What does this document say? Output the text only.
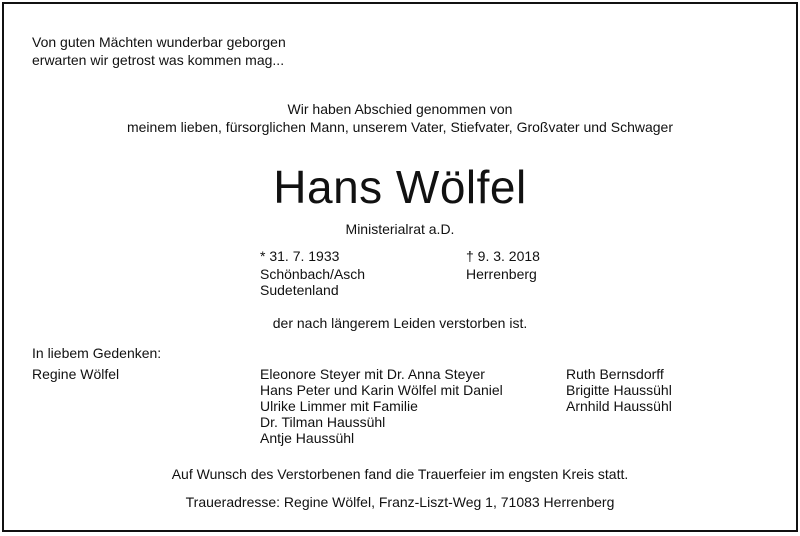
Von guten Mächten wunderbar geborgen
erwarten wir getrost was kommen mag...
Wir haben Abschied genommen von
meinem lieben, fürsorglichen Mann, unserem Vater, Stiefvater, Großvater und Schwager
Hans Wölfel
Ministerialrat a.D.
* 31. 7. 1933
Schönbach/Asch
Sudetenland
† 9. 3. 2018
Herrenberg
der nach längerem Leiden verstorben ist.
In liebem Gedenken:
Regine Wölfel	Eleonore Steyer mit Dr. Anna Steyer
Hans Peter und Karin Wölfel mit Daniel
Ulrike Limmer mit Familie
Dr. Tilman Haussühl
Antje Haussühl
Ruth Bernsdorff
Brigitte Haussühl
Arnhild Haussühl
Auf Wunsch des Verstorbenen fand die Trauerfeier im engsten Kreis statt.
Traueradresse: Regine Wölfel, Franz-Liszt-Weg 1, 71083 Herrenberg
